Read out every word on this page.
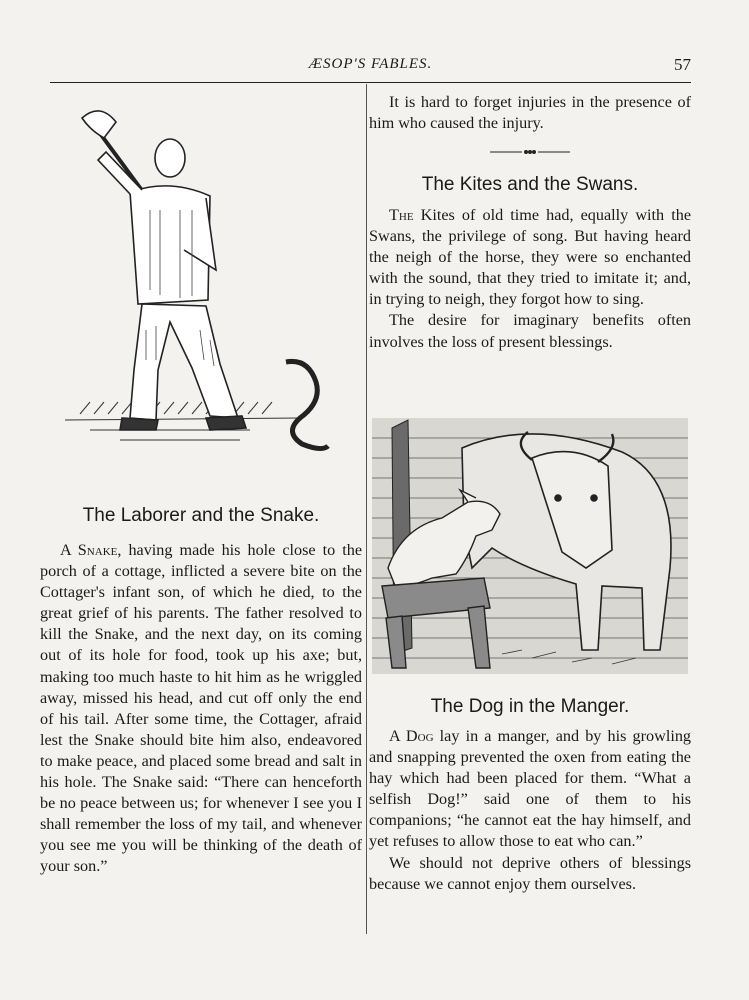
ÆSOP'S FABLES.	57
The Laborer and the Snake.

A Snake, having made his hole close to the porch of a cottage, inflicted a severe bite on the Cottager's infant son, of which he died, to the great grief of his parents. The father resolved to kill the Snake, and the next day, on its coming out of its hole for food, took up his axe; but, making too much haste to hit him as he wriggled away, missed his head, and cut off only the end of his tail. After some time, the Cottager, afraid lest the Snake should bite him also, endeavored to make peace, and placed some bread and salt in his hole. The Snake said: “There can henceforth be no peace between us; for whenever I see you I shall remember the loss of my tail, and whenever you see me you will be thinking of the death of your son.”

It is hard to forget injuries in the presence of him who caused the injury.

The Kites and the Swans.

The Kites of old time had, equally with the Swans, the privilege of song. But having heard the neigh of the horse, they were so enchanted with the sound, that they tried to imitate it; and, in trying to neigh, they forgot how to sing.

The desire for imaginary benefits often involves the loss of present blessings.

The Dog in the Manger.

A Dog lay in a manger, and by his growling and snapping prevented the oxen from eating the hay which had been placed for them. “What a selfish Dog!” said one of them to his companions; “he cannot eat the hay himself, and yet refuses to allow those to eat who can.”

We should not deprive others of blessings because we cannot enjoy them ourselves.
